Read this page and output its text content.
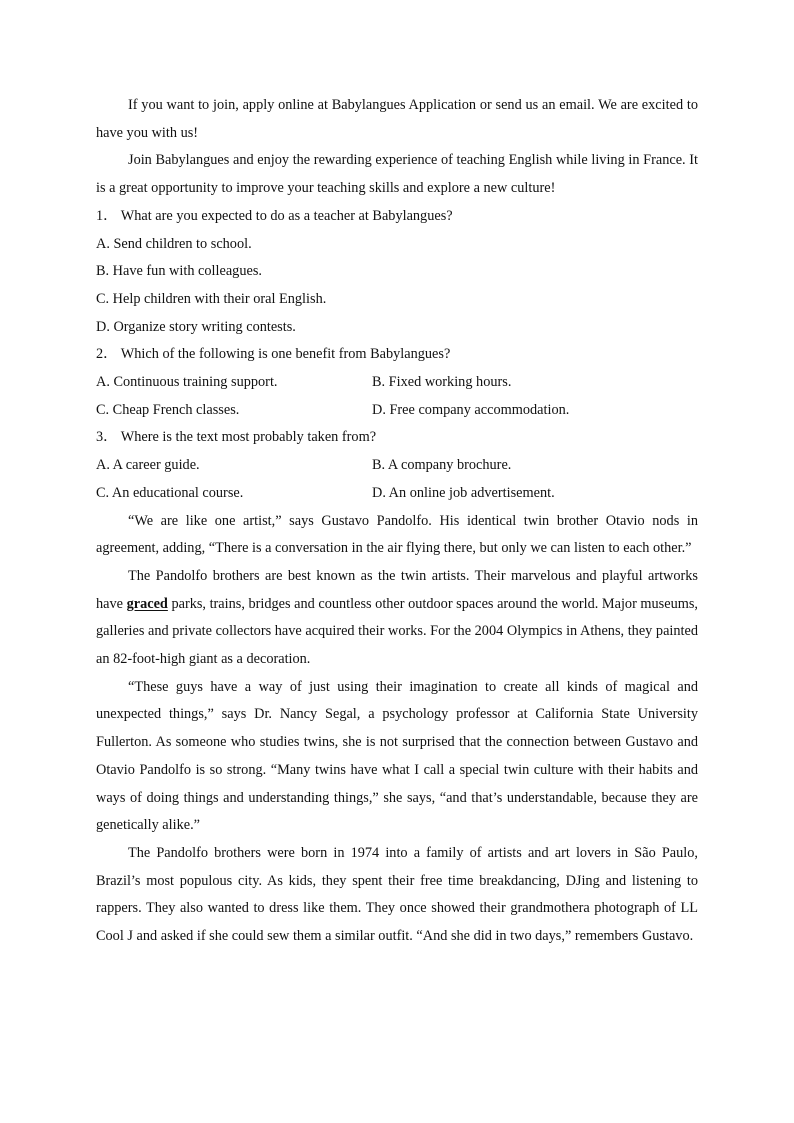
If you want to join, apply online at Babylangues Application or send us an email. We are excited to have you with us!

Join Babylangues and enjoy the rewarding experience of teaching English while living in France. It is a great opportunity to improve your teaching skills and explore a new culture!

1． What are you expected to do as a teacher at Babylangues?

A. Send children to school.

B. Have fun with colleagues.

C. Help children with their oral English.

D. Organize story writing contests.

2． Which of the following is one benefit from Babylangues?

A. Continuous training support.	B. Fixed working hours.
C. Cheap French classes.	D. Free company accommodation.

3． Where is the text most probably taken from?

A. A career guide.	B. A company brochure.
C. An educational course.	D. An online job advertisement.

“We are like one artist,” says Gustavo Pandolfo. His identical twin brother Otavio nods in agreement, adding, “There is a conversation in the air flying there, but only we can listen to each other.”

The Pandolfo brothers are best known as the twin artists. Their marvelous and playful artworks have graced parks, trains, bridges and countless other outdoor spaces around the world. Major museums, galleries and private collectors have acquired their works. For the 2004 Olympics in Athens, they painted an 82-foot-high giant as a decoration.

“These guys have a way of just using their imagination to create all kinds of magical and unexpected things,” says Dr. Nancy Segal, a psychology professor at California State University Fullerton. As someone who studies twins, she is not surprised that the connection between Gustavo and Otavio Pandolfo is so strong. “Many twins have what I call a special twin culture with their habits and ways of doing things and understanding things,” she says, “and that’s understandable, because they are genetically alike.”

The Pandolfo brothers were born in 1974 into a family of artists and art lovers in São Paulo, Brazil’s most populous city. As kids, they spent their free time breakdancing, DJing and listening to rappers. They also wanted to dress like them. They once showed their grandmothera photograph of LL Cool J and asked if she could sew them a similar outfit. “And she did in two days,” remembers Gustavo.
